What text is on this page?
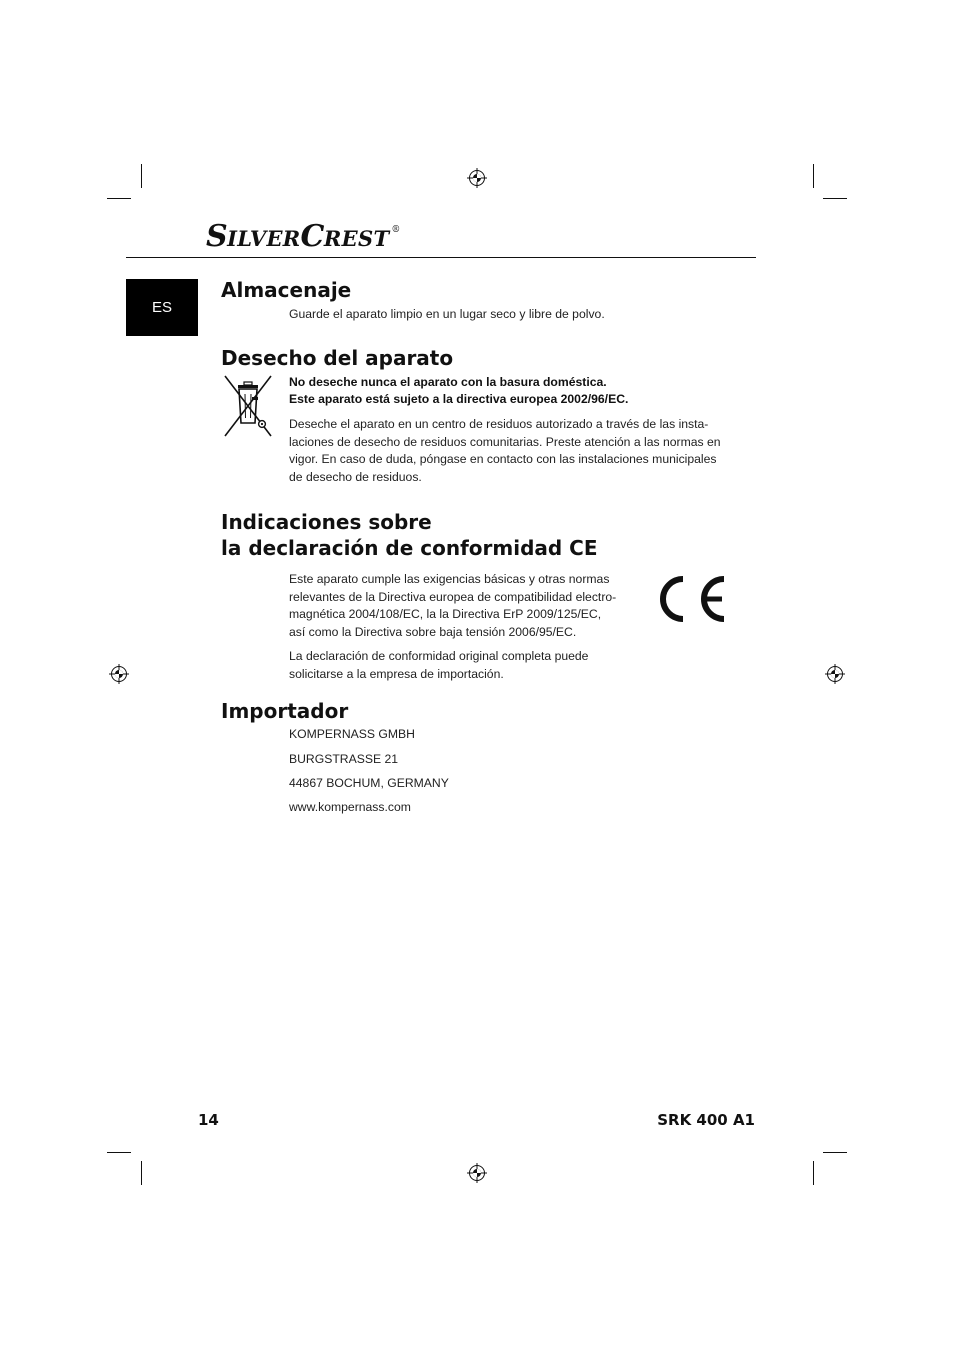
SILVERCREST ®
ES
Almacenaje

Guarde el aparato limpio en un lugar seco y libre de polvo.

Desecho del aparato

No deseche nunca el aparato con la basura doméstica.

Este aparato está sujeto a la directiva europea 2002/96/EC.

Deseche el aparato en un centro de residuos autorizado a través de las insta-

laciones de desecho de residuos comunitarias. Preste atención a las normas en

vigor. En caso de duda, póngase en contacto con las instalaciones municipales

de desecho de residuos.

Indicaciones sobre
la declaración de conformidad CE

Este aparato cumple las exigencias básicas y otras normas

relevantes de la Directiva europea de compatibilidad electro-

magnética 2004/108/EC, la la Directiva ErP 2009/125/EC,

así como la Directiva sobre baja tensión 2006/95/EC.

La declaración de conformidad original completa puede

solicitarse a la empresa de importación.

Importador

KOMPERNASS GMBH

BURGSTRASSE 21

44867 BOCHUM, GERMANY

www.kompernass.com

14	SRK 400 A1
